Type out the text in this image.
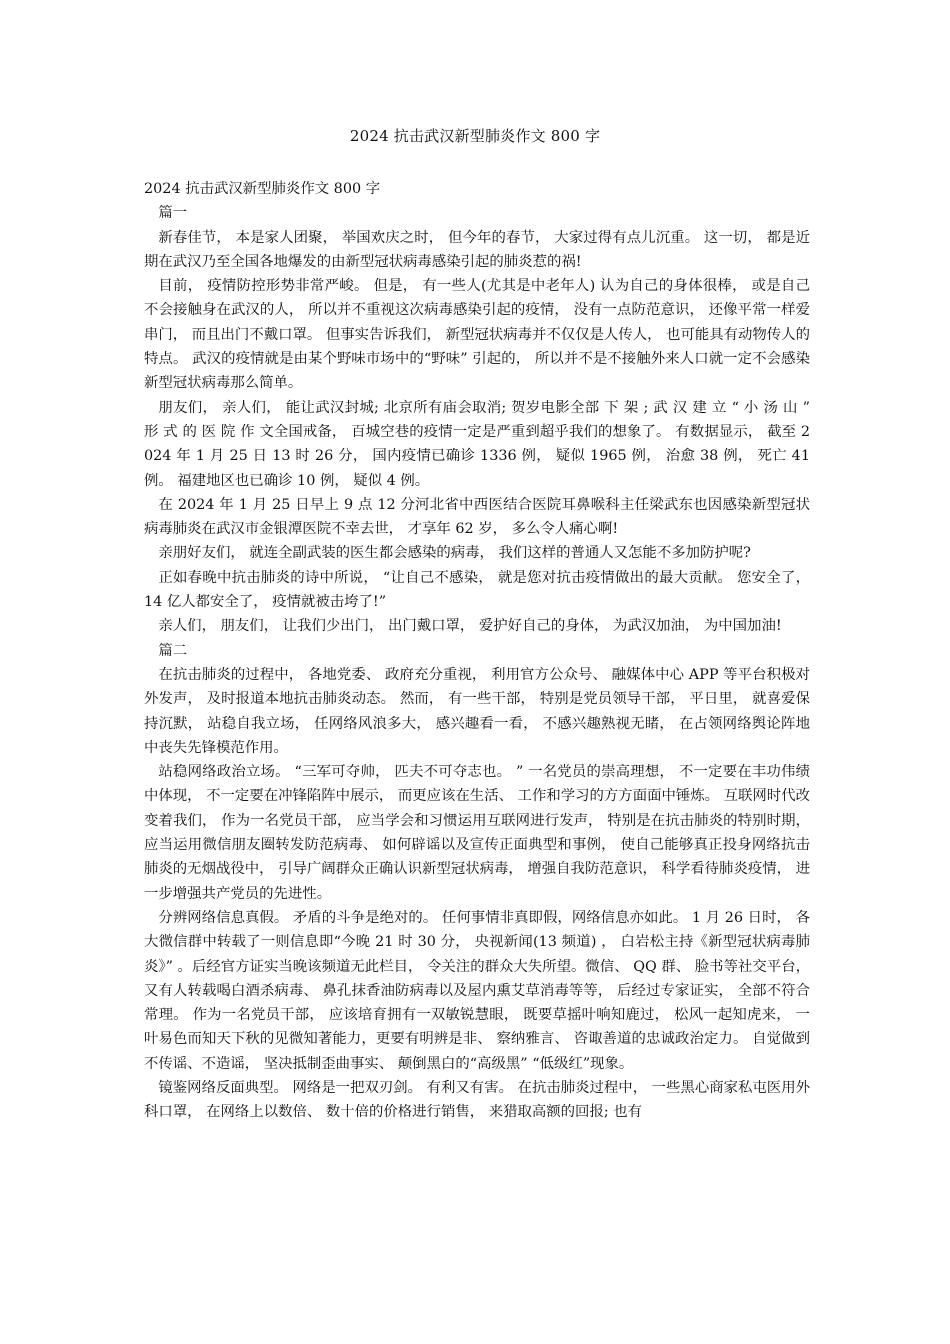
2024 抗击武汉新型肺炎作文 800 字

2024 抗击武汉新型肺炎作文 800 字

篇一

新春佳节， 本是家人团聚， 举国欢庆之时， 但今年的春节， 大家过得有点儿沉重。 这一切， 都是近期在武汉乃至全国各地爆发的由新型冠状病毒感染引起的肺炎惹的祸!

目前， 疫情防控形势非常严峻。 但是， 有一些人(尤其是中老年人) 认为自己的身体很棒， 或是自己不会接触身在武汉的人， 所以并不重视这次病毒感染引起的疫情， 没有一点防范意识， 还像平常一样爱串门， 而且出门不戴口罩。 但事实告诉我们， 新型冠状病毒并不仅仅是人传人， 也可能具有动物传人的特点。 武汉的疫情就是由某个野味市场中的“野味” 引起的， 所以并不是不接触外来人口就一定不会感染新型冠状病毒那么简单。

朋友们， 亲人们， 能让武汉封城; 北京所有庙会取消; 贺岁电影全部 下 架 ; 武 汉 建 立 “ 小 汤 山 ” 形 式 的 医 院 作 文全国戒备， 百城空巷的疫情一定是严重到超乎我们的想象了。 有数据显示， 截至 2024 年 1 月 25 日 13 时 26 分， 国内疫情已确诊 1336 例， 疑似 1965 例， 治愈 38 例， 死亡 41例。 福建地区也已确诊 10 例， 疑似 4 例。

在 2024 年 1 月 25 日早上 9 点 12 分河北省中西医结合医院耳鼻喉科主任梁武东也因感染新型冠状病毒肺炎在武汉市金银潭医院不幸去世， 才享年 62 岁， 多么令人痛心啊!

亲朋好友们， 就连全副武装的医生都会感染的病毒， 我们这样的普通人又怎能不多加防护呢?

正如春晚中抗击肺炎的诗中所说， “让自己不感染， 就是您对抗击疫情做出的最大贡献。 您安全了， 14 亿人都安全了， 疫情就被击垮了!”

亲人们， 朋友们， 让我们少出门， 出门戴口罩， 爱护好自己的身体， 为武汉加油， 为中国加油!

篇二

在抗击肺炎的过程中， 各地党委、 政府充分重视， 利用官方公众号、 融媒体中心 APP 等平台积极对外发声， 及时报道本地抗击肺炎动态。 然而， 有一些干部， 特别是党员领导干部， 平日里， 就喜爱保持沉默， 站稳自我立场， 任网络风浪多大， 感兴趣看一看， 不感兴趣熟视无睹， 在占领网络舆论阵地中丧失先锋模范作用。

站稳网络政治立场。 “三军可夺帅， 匹夫不可夺志也。 ” 一名党员的崇高理想， 不一定要在丰功伟绩中体现， 不一定要在冲锋陷阵中展示， 而更应该在生活、 工作和学习的方方面面中锤炼。 互联网时代改变着我们， 作为一名党员干部， 应当学会和习惯运用互联网进行发声， 特别是在抗击肺炎的特别时期， 应当运用微信朋友圈转发防范病毒、 如何辟谣以及宣传正面典型和事例， 使自己能够真正投身网络抗击肺炎的无烟战役中， 引导广阔群众正确认识新型冠状病毒， 增强自我防范意识， 科学看待肺炎疫情， 进一步增强共产党员的先进性。

分辨网络信息真假。 矛盾的斗争是绝对的。 任何事情非真即假，网络信息亦如此。 1 月 26 日时， 各大微信群中转载了一则信息即“今晚 21 时 30 分， 央视新闻(13 频道) ， 白岩松主持《新型冠状病毒肺炎》” 。后经官方证实当晚该频道无此栏目， 令关注的群众大失所望。微信、 QQ 群、 脸书等社交平台， 又有人转载喝白酒杀病毒、 鼻孔抹香油防病毒以及屋内熏艾草消毒等等， 后经过专家证实， 全部不符合常理。 作为一名党员干部， 应该培育拥有一双敏锐慧眼， 既要草摇叶响知鹿过， 松风一起知虎来， 一叶易色而知天下秋的见微知著能力，更要有明辨是非、 察纳雅言、 咨诹善道的忠诚政治定力。 自觉做到不传谣、不造谣， 坚决抵制歪曲事实、 颠倒黑白的“高级黑” “低级红”现象。

镜鉴网络反面典型。 网络是一把双刃剑。 有利又有害。 在抗击肺炎过程中， 一些黑心商家私屯医用外科口罩， 在网络上以数倍、 数十倍的价格进行销售， 来猎取高额的回报; 也有
